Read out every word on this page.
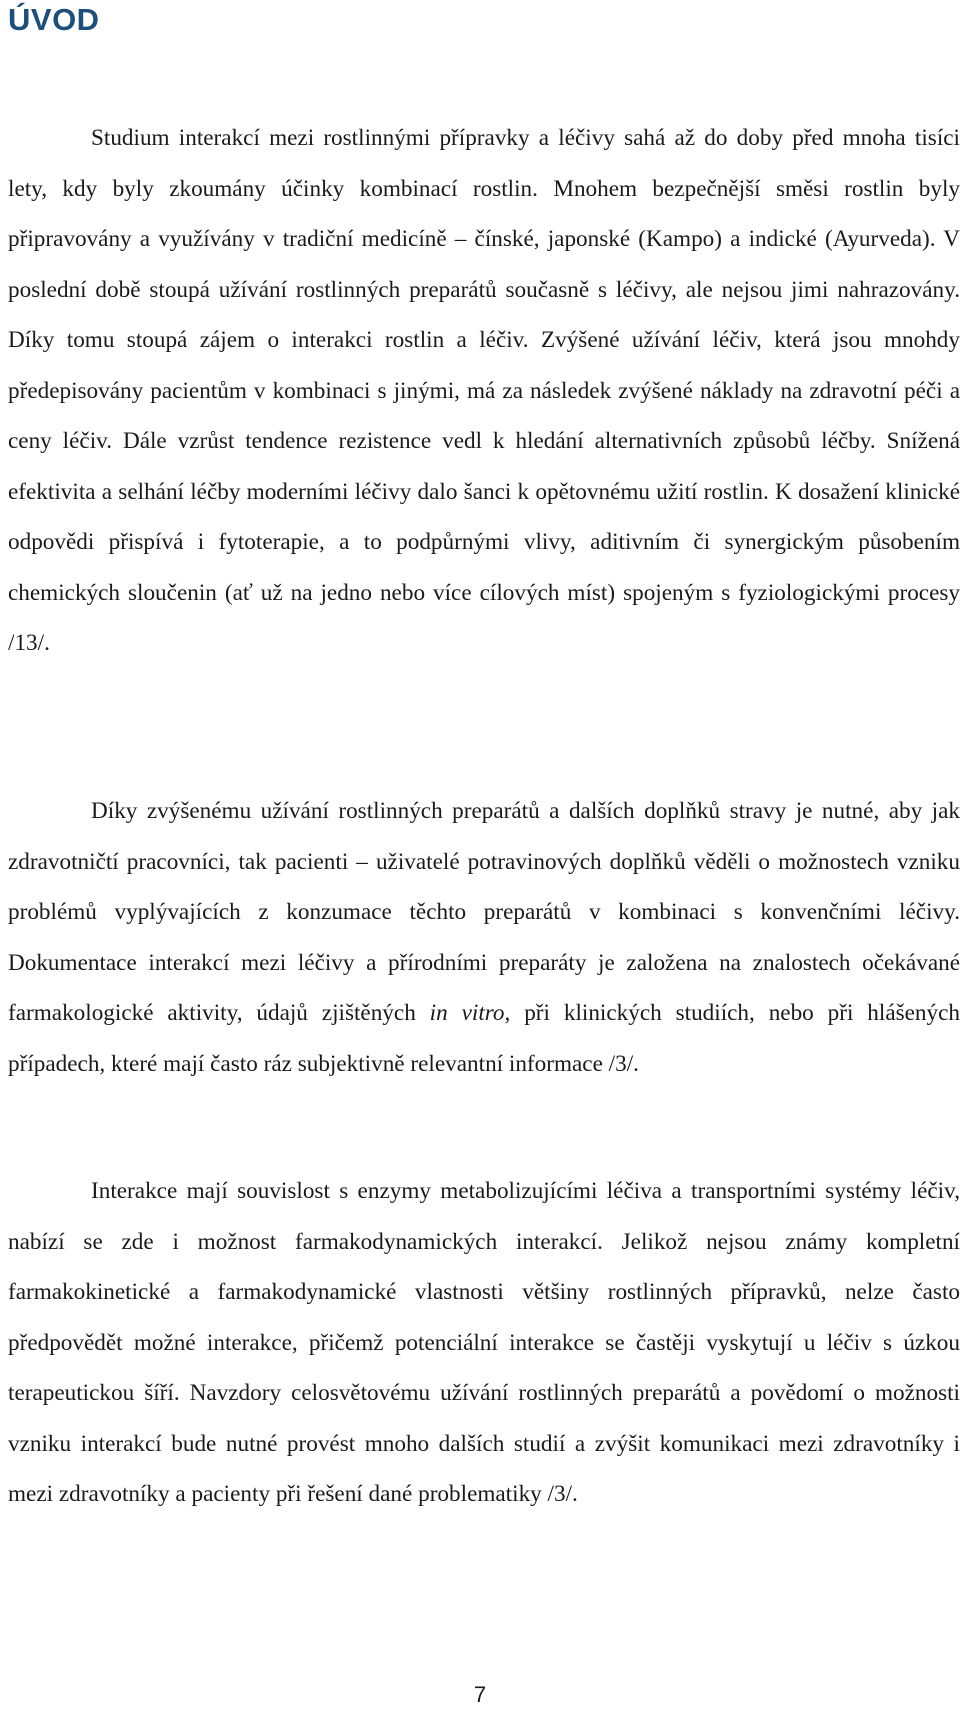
ÚVOD

Studium interakcí mezi rostlinnými přípravky a léčivy sahá až do doby před mnoha tisíci lety, kdy byly zkoumány účinky kombinací rostlin. Mnohem bezpečnější směsi rostlin byly připravovány a využívány v tradiční medicíně – čínské, japonské (Kampo) a indické (Ayurveda). V poslední době stoupá užívání rostlinných preparátů současně s léčivy, ale nejsou jimi nahrazovány. Díky tomu stoupá zájem o interakci rostlin a léčiv. Zvýšené užívání léčiv, která jsou mnohdy předepisovány pacientům v kombinaci s jinými, má za následek zvýšené náklady na zdravotní péči a ceny léčiv. Dále vzrůst tendence rezistence vedl k hledání alternativních způsobů léčby. Snížená efektivita a selhání léčby moderními léčivy dalo šanci k opětovnému užití rostlin. K dosažení klinické odpovědi přispívá i fytoterapie, a to podpůrnými vlivy, aditivním či synergickým působením chemických sloučenin (ať už na jedno nebo více cílových míst) spojeným s fyziologickými procesy /13/.

Díky zvýšenému užívání rostlinných preparátů a dalších doplňků stravy je nutné, aby jak zdravotničtí pracovníci, tak pacienti – uživatelé potravinových doplňků věděli o možnostech vzniku problémů vyplývajících z konzumace těchto preparátů v kombinaci s konvenčními léčivy. Dokumentace interakcí mezi léčivy a přírodními preparáty je založena na znalostech očekávané farmakologické aktivity, údajů zjištěných in vitro, při klinických studiích, nebo při hlášených případech, které mají často ráz subjektivně relevantní informace /3/.

Interakce mají souvislost s enzymy metabolizujícími léčiva a transportními systémy léčiv, nabízí se zde i možnost farmakodynamických interakcí. Jelikož nejsou známy kompletní farmakokinetické a farmakodynamické vlastnosti většiny rostlinných přípravků, nelze často předpovědět možné interakce, přičemž potenciální interakce se častěji vyskytují u léčiv s úzkou terapeutickou šíří. Navzdory celosvětovému užívání rostlinných preparátů a povědomí o možnosti vzniku interakcí bude nutné provést mnoho dalších studií a zvýšit komunikaci mezi zdravotníky i mezi zdravotníky a pacienty při řešení dané problematiky /3/.

7
